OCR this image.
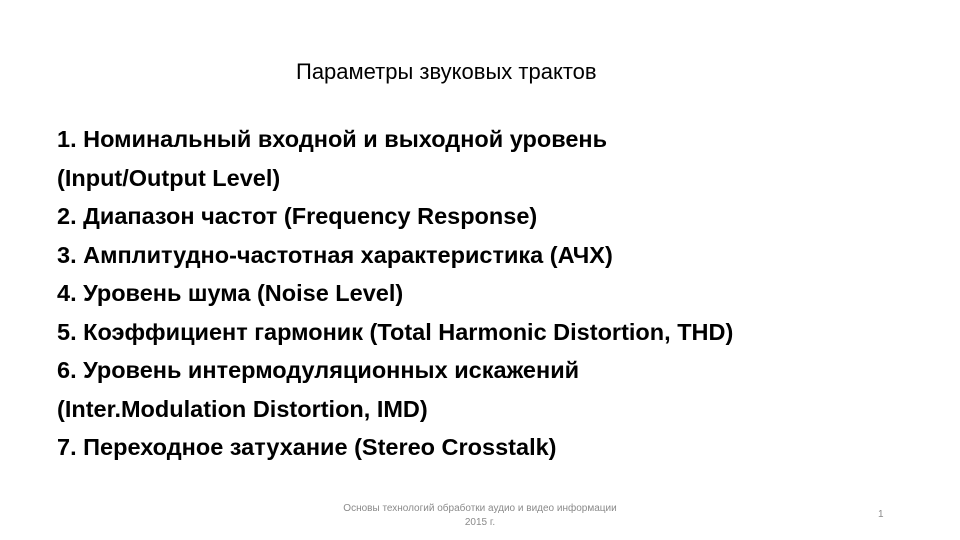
Параметры звуковых трактов
1. Номинальный входной и выходной уровень
(Input/Output Level)
2. Диапазон частот (Frequency Response)
3. Амплитудно-частотная характеристика (АЧХ)
4. Уровень шума (Noise Level)
5. Коэффициент гармоник (Total Harmonic Distortion, THD)
6. Уровень интермодуляционных искажений
(Inter.Modulation Distortion, IMD)
7. Переходное затухание (Stereo Crosstalk)
Основы технологий обработки аудио и видео информации
2015 г.
1
